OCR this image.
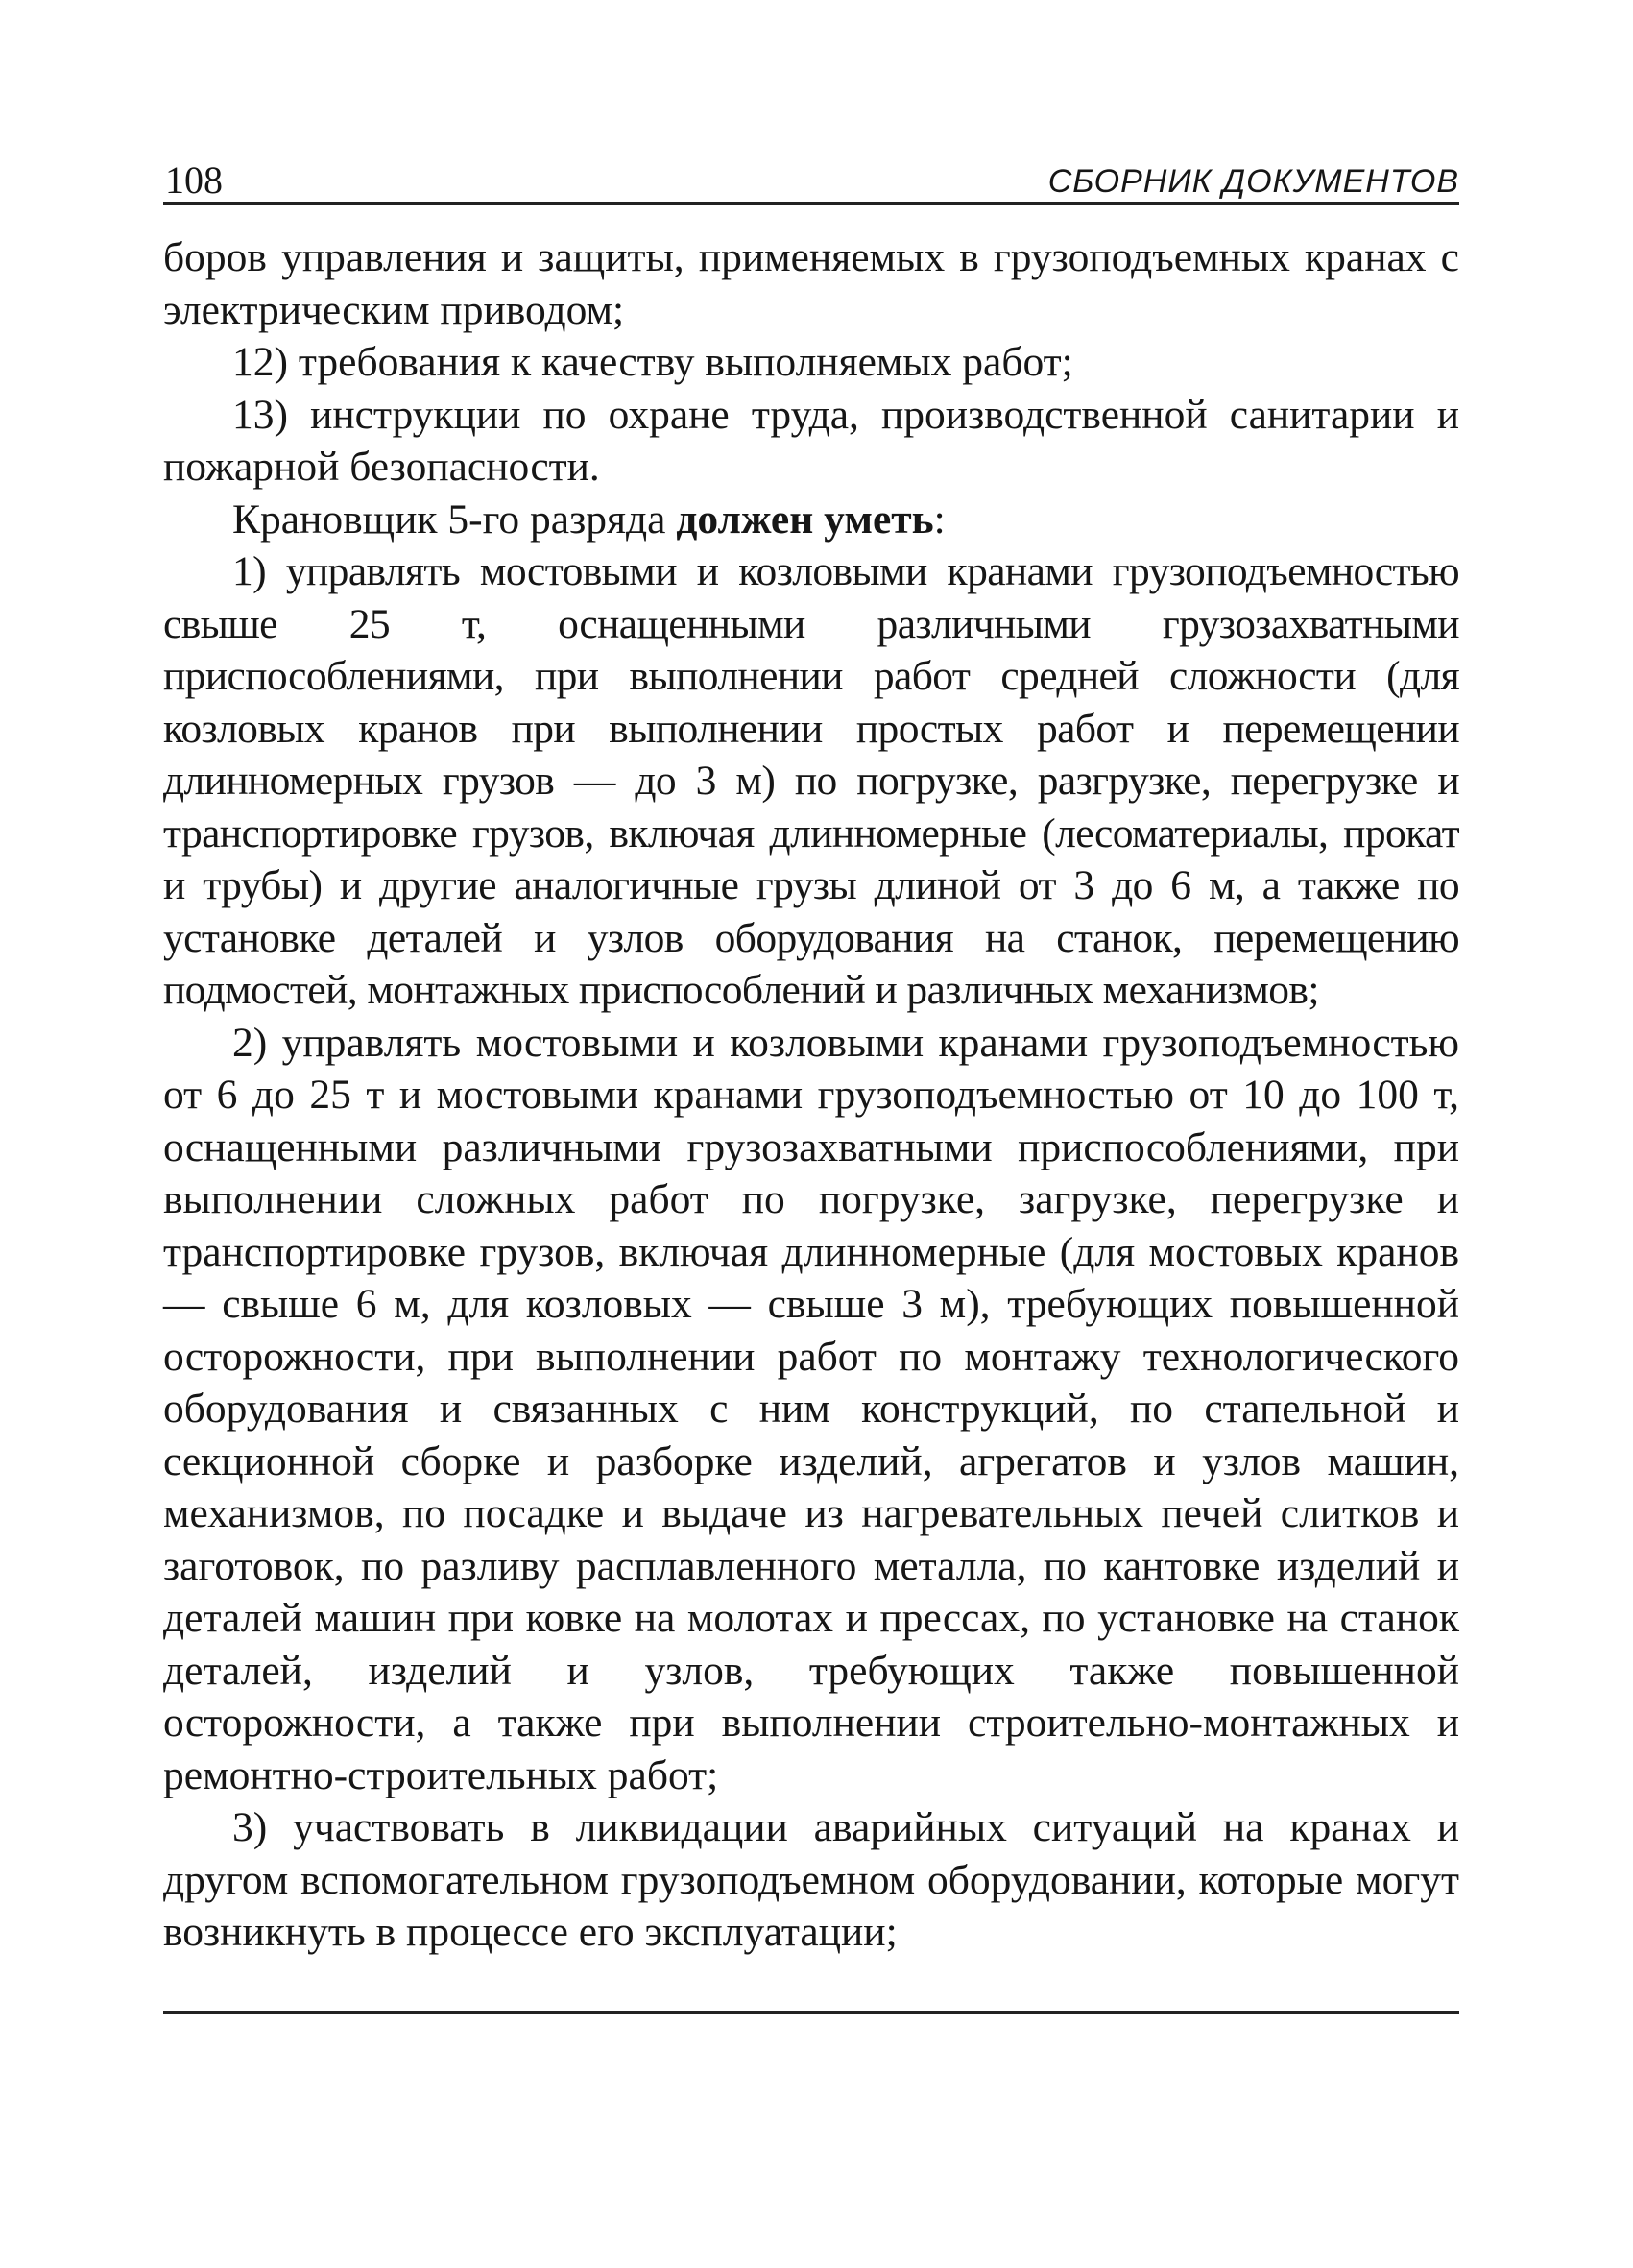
108	СБОРНИК ДОКУМЕНТОВ

боров управления и защиты, применяемых в грузоподъемных кранах с электрическим приводом;

12) требования к качеству выполняемых работ;

13) инструкции по охране труда, производственной санитарии и пожарной безопасности.

Крановщик 5-го разряда должен уметь:

1) управлять мостовыми и козловыми кранами грузоподъемностью свыше 25 т, оснащенными различными грузозахватными приспособлениями, при выполнении работ средней сложности (для козловых кранов при выполнении простых работ и перемещении длинномерных грузов — до 3 м) по погрузке, разгрузке, перегрузке и транспортировке грузов, включая длинномерные (лесоматериалы, прокат и трубы) и другие аналогичные грузы длиной от 3 до 6 м, а также по установке деталей и узлов оборудования на станок, перемещению подмостей, монтажных приспособлений и различных механизмов;

2) управлять мостовыми и козловыми кранами грузоподъемностью от 6 до 25 т и мостовыми кранами грузоподъемностью от 10 до 100 т, оснащенными различными грузозахватными приспособлениями, при выполнении сложных работ по погрузке, загрузке, перегрузке и транспортировке грузов, включая длинномерные (для мостовых кранов — свыше 6 м, для козловых — свыше 3 м), требующих повышенной осторожности, при выполнении работ по монтажу технологического оборудования и связанных с ним конструкций, по стапельной и секционной сборке и разборке изделий, агрегатов и узлов машин, механизмов, по посадке и выдаче из нагревательных печей слитков и заготовок, по разливу расплавленного металла, по кантовке изделий и деталей машин при ковке на молотах и прессах, по установке на станок деталей, изделий и узлов, требующих также повышенной осторожности, а также при выполнении строительно-монтажных и ремонтно-строительных работ;

3) участвовать в ликвидации аварийных ситуаций на кранах и другом вспомогательном грузоподъемном оборудовании, которые могут возникнуть в процессе его эксплуатации;
